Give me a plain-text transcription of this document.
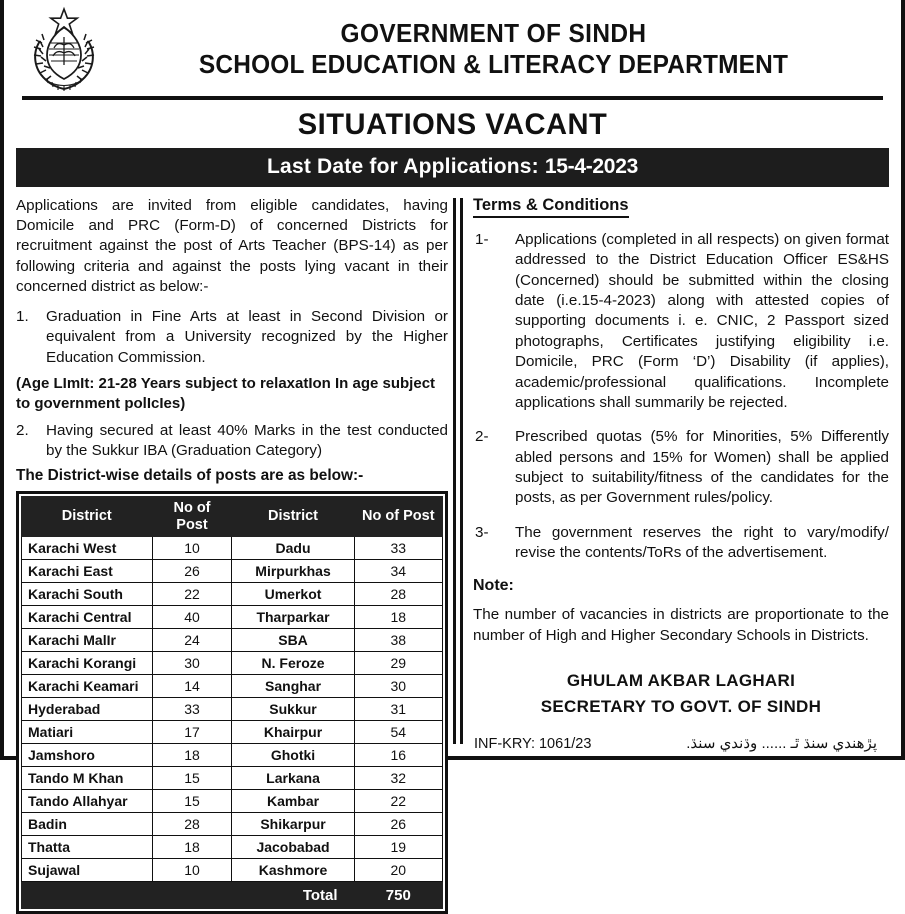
GOVERNMENT OF SINDH
SCHOOL EDUCATION & LITERACY DEPARTMENT
SITUATIONS VACANT
Last Date for Applications: 15-4-2023

Applications are invited from eligible candidates, having Domicile and PRC (Form-D) of concerned Districts for recruitment against the post of Arts Teacher (BPS-14) as per following criteria and against the posts lying vacant in their concerned district as below:-

1. Graduation in Fine Arts at least in Second Division or equivalent from a University recognized by the Higher Education Commission.

(Age LImIt: 21-28 Years subject to relaxatIon In age subject to government polIcIes)

2. Having secured at least 40% Marks in the test conducted by the Sukkur IBA (Graduation Category)

The District-wise details of posts are as below:-

District	No of Post	District	No of Post
Karachi West	10	Dadu	33
Karachi East	26	Mirpurkhas	34
Karachi South	22	Umerkot	28
Karachi Central	40	Tharparkar	18
Karachi MalIr	24	SBA	38
Karachi Korangi	30	N. Feroze	29
Karachi Keamari	14	Sanghar	30
Hyderabad	33	Sukkur	31
Matiari	17	Khairpur	54
Jamshoro	18	Ghotki	16
Tando M Khan	15	Larkana	32
Tando Allahyar	15	Kambar	22
Badin	28	Shikarpur	26
Thatta	18	Jacobabad	19
Sujawal	10	Kashmore	20
Total			750
Terms & Conditions
1- Applications (completed in all respects) on given format addressed to the District Education Officer ES&HS (Concerned) should be submitted within the closing date (i.e.15-4-2023) along with attested copies of supporting documents i. e. CNIC, 2 Passport sized photographs, Certificates justifying eligibility i.e. Domicile, PRC (Form ‘D’) Disability (if applies), academic/professional qualifications. Incomplete applications shall summarily be rejected.
2- Prescribed quotas (5% for Minorities, 5% Differently abled persons and 15% for Women) shall be applied subject to suitability/fitness of the candidates for the posts, as per Government rules/policy.
3- The government reserves the right to vary/modify/ revise the contents/ToRs of the advertisement.
Note:

The number of vacancies in districts are proportionate to the number of High and Higher Secondary Schools in Districts.

GHULAM AKBAR LAGHARI
SECRETARY TO GOVT. OF SINDH
INF-KRY: 1061/23	پڙهندي سنڌ ٿـ ...... وڌندي سنڌ.
